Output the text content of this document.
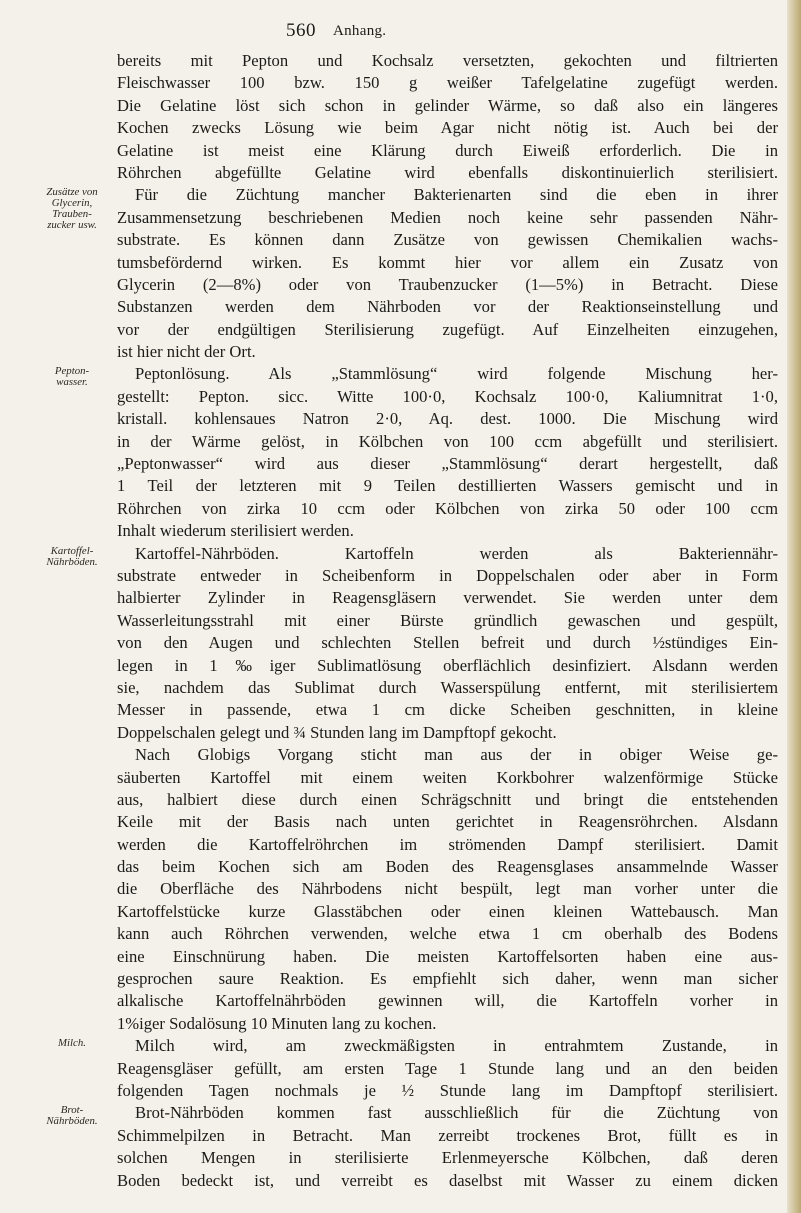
560 Anhang.
bereits mit Pepton und Kochsalz versetzten, gekochten und filtrierten
Fleischwasser 100 bzw. 150 g weißer Tafelgelatine zugefügt werden.
Die Gelatine löst sich schon in gelinder Wärme, so daß also ein längeres
Kochen zwecks Lösung wie beim Agar nicht nötig ist. Auch bei der
Gelatine ist meist eine Klärung durch Eiweiß erforderlich. Die in
Röhrchen abgefüllte Gelatine wird ebenfalls diskontinuierlich sterilisiert.
Zusätze von
Glycerin,
Trauben-
zucker usw.
Für die Züchtung mancher Bakterienarten sind die eben in ihrer
Zusammensetzung beschriebenen Medien noch keine sehr passenden Nähr-
substrate. Es können dann Zusätze von gewissen Chemikalien wachs-
tumsbefördernd wirken. Es kommt hier vor allem ein Zusatz von
Glycerin (2—8%) oder von Traubenzucker (1—5%) in Betracht. Diese
Substanzen werden dem Nährboden vor der Reaktionseinstellung und
vor der endgültigen Sterilisierung zugefügt. Auf Einzelheiten einzugehen,
ist hier nicht der Ort.
Pepton-
wasser.	Peptonlösung. Als „Stammlösung“ wird folgende Mischung her-
gestellt: Pepton. sicc. Witte 100·0, Kochsalz 100·0, Kaliumnitrat 1·0,
kristall. kohlensaues Natron 2·0, Aq. dest. 1000. Die Mischung wird
in der Wärme gelöst, in Kölbchen von 100 ccm abgefüllt und sterilisiert.
„Peptonwasser“ wird aus dieser „Stammlösung“ derart hergestellt, daß
1 Teil der letzteren mit 9 Teilen destillierten Wassers gemischt und in
Röhrchen von zirka 10 ccm oder Kölbchen von zirka 50 oder 100 ccm
Inhalt wiederum sterilisiert werden.
Kartoffel-
Nährböden.	Kartoffel-Nährböden. Kartoffeln werden als Bakteriennähr-
substrate entweder in Scheibenform in Doppelschalen oder aber in Form
halbierter Zylinder in Reagensgläsern verwendet. Sie werden unter dem
Wasserleitungsstrahl mit einer Bürste gründlich gewaschen und gespült,
von den Augen und schlechten Stellen befreit und durch ½stündiges Ein-
legen in 1‰iger Sublimatlösung oberflächlich desinfiziert. Alsdann werden
sie, nachdem das Sublimat durch Wasserspülung entfernt, mit sterilisiertem
Messer in passende, etwa 1 cm dicke Scheiben geschnitten, in kleine
Doppelschalen gelegt und ¾ Stunden lang im Dampftopf gekocht.
Nach Globigs Vorgang sticht man aus der in obiger Weise ge-
säuberten Kartoffel mit einem weiten Korkbohrer walzenförmige Stücke
aus, halbiert diese durch einen Schrägschnitt und bringt die entstehenden
Keile mit der Basis nach unten gerichtet in Reagensröhrchen. Alsdann
werden die Kartoffelröhrchen im strömenden Dampf sterilisiert. Damit
das beim Kochen sich am Boden des Reagensglases ansammelnde Wasser
die Oberfläche des Nährbodens nicht bespült, legt man vorher unter die
Kartoffelstücke kurze Glasstäbchen oder einen kleinen Wattebausch. Man
kann auch Röhrchen verwenden, welche etwa 1 cm oberhalb des Bodens
eine Einschnürung haben. Die meisten Kartoffelsorten haben eine aus-
gesprochen saure Reaktion. Es empfiehlt sich daher, wenn man sicher
alkalische Kartoffelnährböden gewinnen will, die Kartoffeln vorher in
1%iger Sodalösung 10 Minuten lang zu kochen.
Milch.	Milch wird, am zweckmäßigsten in entrahmtem Zustande, in
Reagensgläser gefüllt, am ersten Tage 1 Stunde lang und an den beiden
folgenden Tagen nochmals je ½ Stunde lang im Dampftopf sterilisiert.
Brot-
Nährböden.	Brot-Nährböden kommen fast ausschließlich für die Züchtung von
Schimmelpilzen in Betracht. Man zerreibt trockenes Brot, füllt es in
solchen Mengen in sterilisierte Erlenmeyersche Kölbchen, daß deren
Boden bedeckt ist, und verreibt es daselbst mit Wasser zu einem dicken
